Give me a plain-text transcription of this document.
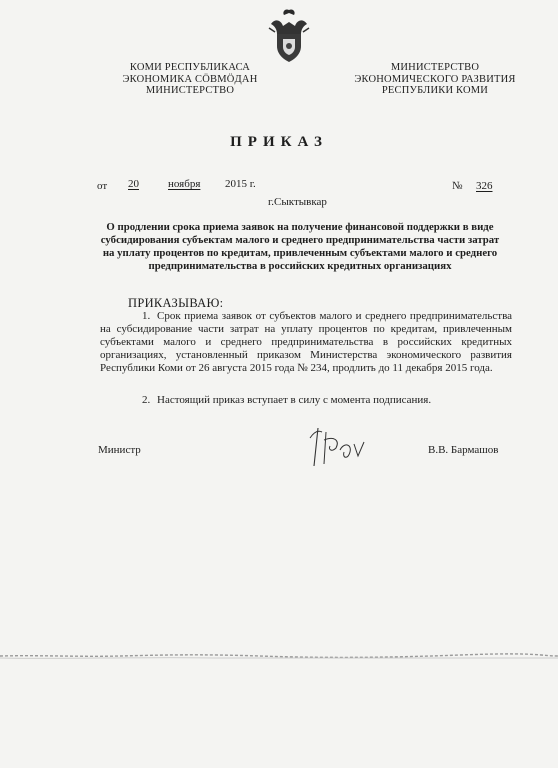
КОМИ РЕСПУБЛИКАСА
ЭКОНОМИКА СӦВМӦДАН
МИНИСТЕРСТВО
МИНИСТЕРСТВО
ЭКОНОМИЧЕСКОГО РАЗВИТИЯ
РЕСПУБЛИКИ КОМИ
ПРИКАЗ
от 20	ноября 2015 г.	№ 326
г.Сыктывкар
О продлении срока приема заявок на получение финансовой поддержки в виде субсидирования субъектам малого и среднего предпринимательства части затрат на уплату процентов по кредитам, привлеченным субъектами малого и среднего предпринимательства в российских кредитных организациях
ПРИКАЗЫВАЮ:
1. Срок приема заявок от субъектов малого и среднего предпринимательства на субсидирование части затрат на уплату процентов по кредитам, привлеченным субъектами малого и среднего предпринимательства в российских кредитных организациях, установленный приказом Министерства экономического развития Республики Коми от 26 августа 2015 года № 234, продлить до 11 декабря 2015 года.
2. Настоящий приказ вступает в силу с момента подписания.
Министр	В.В. Бармашов
